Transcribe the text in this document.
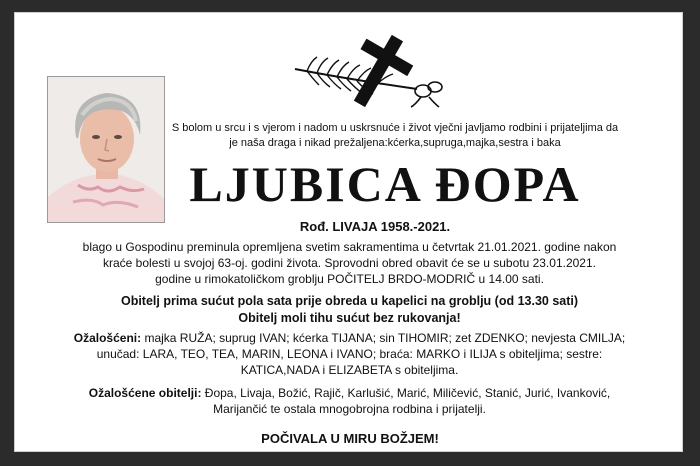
S bolom u srcu i s vjerom i nadom u uskrsnuće i život vječni javljamo rodbini i prijateljima da
je naša draga i nikad prežaljena:kćerka,supruga,majka,sestra i baka
LJUBICA ĐOPA
Rođ. LIVAJA 1958.-2021.
blago u Gospodinu preminula opremljena svetim sakramentima u četvrtak 21.01.2021. godine nakon
kraće bolesti u svojoj 63-oj. godini života. Sprovodni obred obavit će se u subotu 23.01.2021.
godine u rimokatoličkom groblju POČITELJ BRDO-MODRIČ u 14.00 sati.
Obitelj prima sućut pola sata prije obreda u kapelici na groblju (od 13.30 sati)
Obitelj moli tihu sućut bez rukovanja!
Ožalošćeni: majka RUŽA; suprug IVAN; kćerka TIJANA; sin TIHOMIR; zet ZDENKO; nevjesta CMILJA;
unučad: LARA, TEO, TEA, MARIN, LEONA i IVANO; braća: MARKO i ILIJA s obiteljima; sestre:
KATICA,NADA i ELIZABETA s obiteljima.
Ožalošćene obitelji: Đopa, Livaja, Božić, Rajič, Karlušić, Marić, Miličević, Stanić, Jurić, Ivanković,
Marijančić te ostala mnogobrojna rodbina i prijatelji.
POČIVALA U MIRU BOŽJEM!
